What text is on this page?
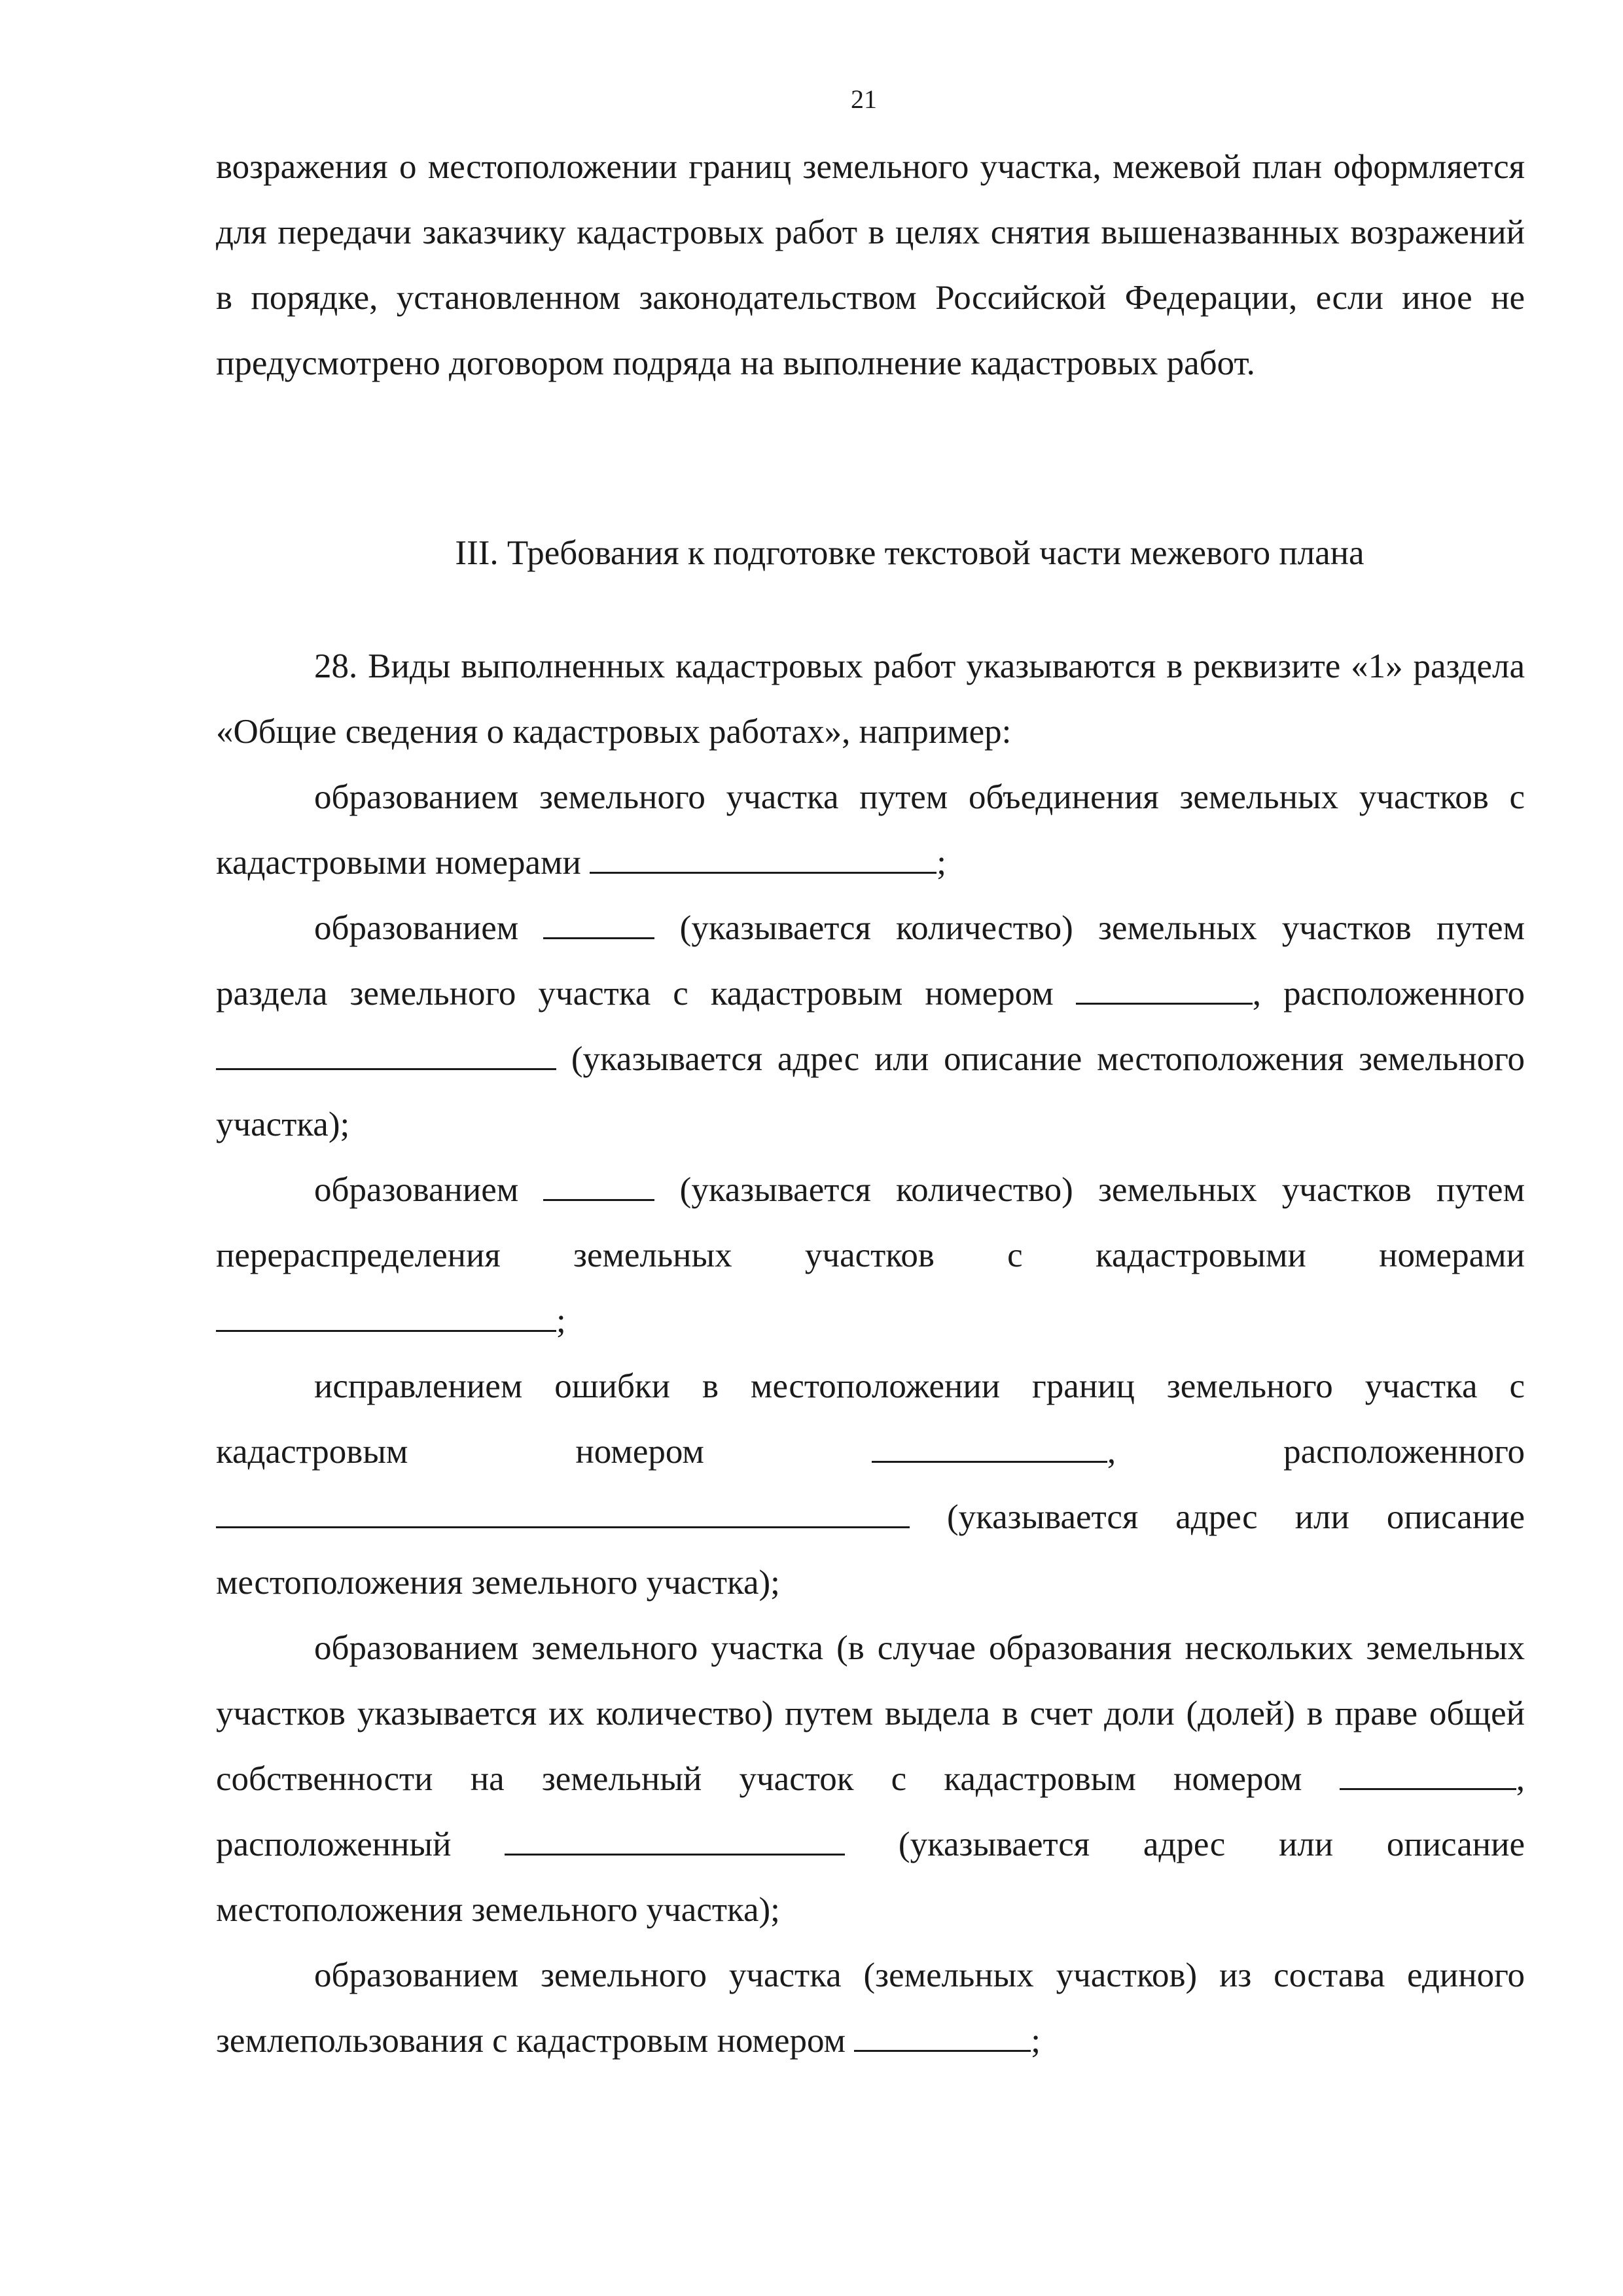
21

возражения о местоположении границ земельного участка, межевой план оформляется для передачи заказчику кадастровых работ в целях снятия вышеназванных возражений в порядке, установленном законодательством Российской Федерации, если иное не предусмотрено договором подряда на выполнение кадастровых работ.

III. Требования к подготовке текстовой части межевого плана

28. Виды выполненных кадастровых работ указываются в реквизите «1» раздела «Общие сведения о кадастровых работах», например:

образованием земельного участка путем объединения земельных участков с кадастровыми номерами	;

образованием	(указывается количество) земельных участков путем раздела земельного участка с кадастровым номером	, расположенного  (указывается адрес или описание местоположения земельного участка);

образованием	(указывается количество) земельных участков путем перераспределения земельных участков с кадастровыми номерами ;

исправлением ошибки в местоположении границ земельного участка с кадастровым номером	, расположенного  (указывается адрес или описание местоположения земельного участка);

образованием земельного участка (в случае образования нескольких земельных участков указывается их количество) путем выдела в счет доли (долей) в праве общей собственности на земельный участок с кадастровым номером	, расположенный	(указывается адрес или описание местоположения земельного участка);

образованием земельного участка (земельных участков) из состава единого землепользования с кадастровым номером	;
